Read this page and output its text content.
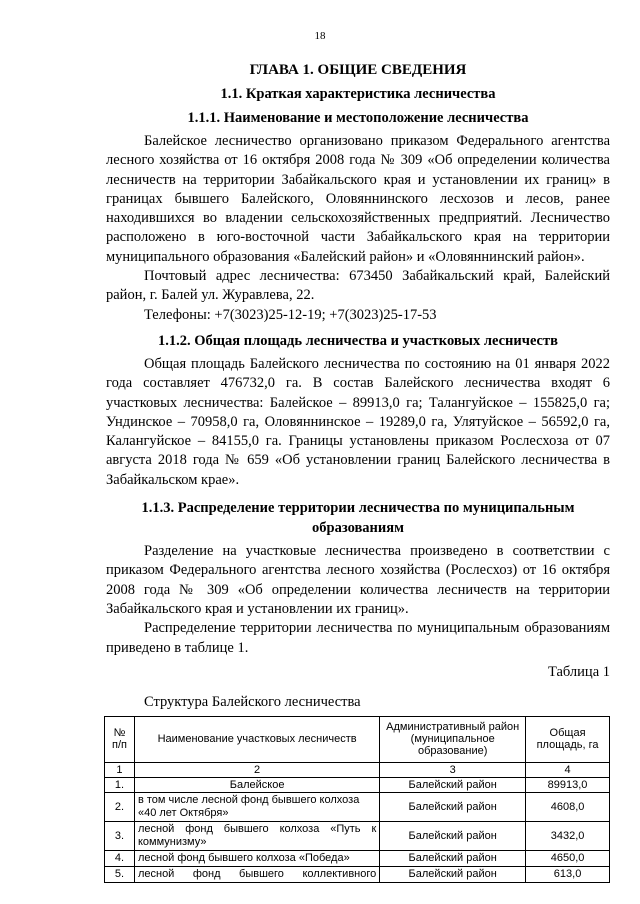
18
ГЛАВА 1. ОБЩИЕ СВЕДЕНИЯ
1.1. Краткая характеристика лесничества
1.1.1. Наименование и местоположение лесничества

Балейское лесничество организовано приказом Федерального агентства лесного хозяйства от 16 октября 2008 года № 309 «Об определении количества лесничеств на территории Забайкальского края и установлении их границ» в границах бывшего Балейского, Оловяннинского лесхозов и лесов, ранее находившихся во владении сельскохозяйственных предприятий. Лесничество расположено в юго-восточной части Забайкальского края на территории муниципального образования «Балейский район» и «Оловяннинский район».

Почтовый адрес лесничества: 673450 Забайкальский край, Балейский район, г. Балей ул. Журавлева, 22.

Телефоны: +7(3023)25-12-19; +7(3023)25-17-53

1.1.2. Общая площадь лесничества и участковых лесничеств

Общая площадь Балейского лесничества по состоянию на 01 января 2022 года составляет 476732,0 га. В состав Балейского лесничества входят 6 участковых лесничества: Балейское – 89913,0 га; Талангуйское – 155825,0 га; Ундинское – 70958,0 га, Оловяннинское – 19289,0 га, Улятуйское – 56592,0 га, Калангуйское – 84155,0 га. Границы установлены приказом Рослесхоза от 07 августа 2018 года № 659 «Об установлении границ Балейского лесничества в Забайкальском крае».

1.1.3. Распределение территории лесничества по муниципальным образованиям

Разделение на участковые лесничества произведено в соответствии с приказом Федерального агентства лесного хозяйства (Рослесхоз) от 16 октября 2008 года № 309 «Об определении количества лесничеств на территории Забайкальского края и установлении их границ».

Распределение территории лесничества по муниципальным образованиям приведено в таблице 1.

Таблица 1
Структура Балейского лесничества
№ п/п	Наименование участковых лесничеств	Административный район (муниципальное образование)	Общая площадь, га
1	2	3	4
1.	Балейское	Балейский район	89913,0
2.	в том числе лесной фонд бывшего колхоза «40 лет Октября»	Балейский район	4608,0
3.	лесной фонд бывшего колхоза «Путь к коммунизму»	Балейский район	3432,0
4.	лесной фонд бывшего колхоза «Победа»	Балейский район	4650,0
5.	лесной фонд бывшего коллективного	Балейский район	613,0
